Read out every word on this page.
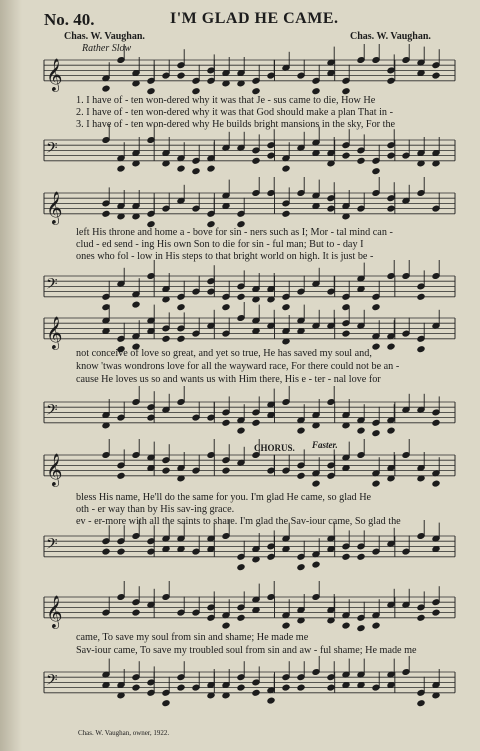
No. 40.	I'M GLAD HE CAME.
Chas. W. Vaughan.	Chas. W. Vaughan.
Rather Slow
𝄞
𝄢
𝄞
𝄢
𝄞
𝄢
𝄞
𝄢
𝄞
𝄢
CHORUS. Faster.
1. I have of - ten won-dered why it was that Je - sus came to die, How He
2. I have of - ten won-dered why it was that God should make a plan That in -
3. I have of - ten won-dered why He builds bright mansions in the sky, For the
left His throne and home a - bove for sin - ners such as I; Mor - tal mind can -
clud - ed send - ing His own Son to die for sin - ful man; But to - day I
ones who fol - low in His steps to that bright world on high. It is just be -
not conceive of love so great, and yet so true, He has saved my soul and,
know 'twas wondrons love for all the wayward race, For there could not be an -
cause He loves us so and wants us with Him there, His e - ter - nal love for
bless His name, He'll do the same for you. I'm glad He came, so glad He
oth - er way than by His sav-ing grace.
ev - er-more with all the saints to share. I'm glad the Sav-iour came, So glad the
came, To save my soul from sin and shame; He made me
Sav-iour came, To save my troubled soul from sin and aw - ful shame; He made me
Chas. W. Vaughan, owner, 1922.
